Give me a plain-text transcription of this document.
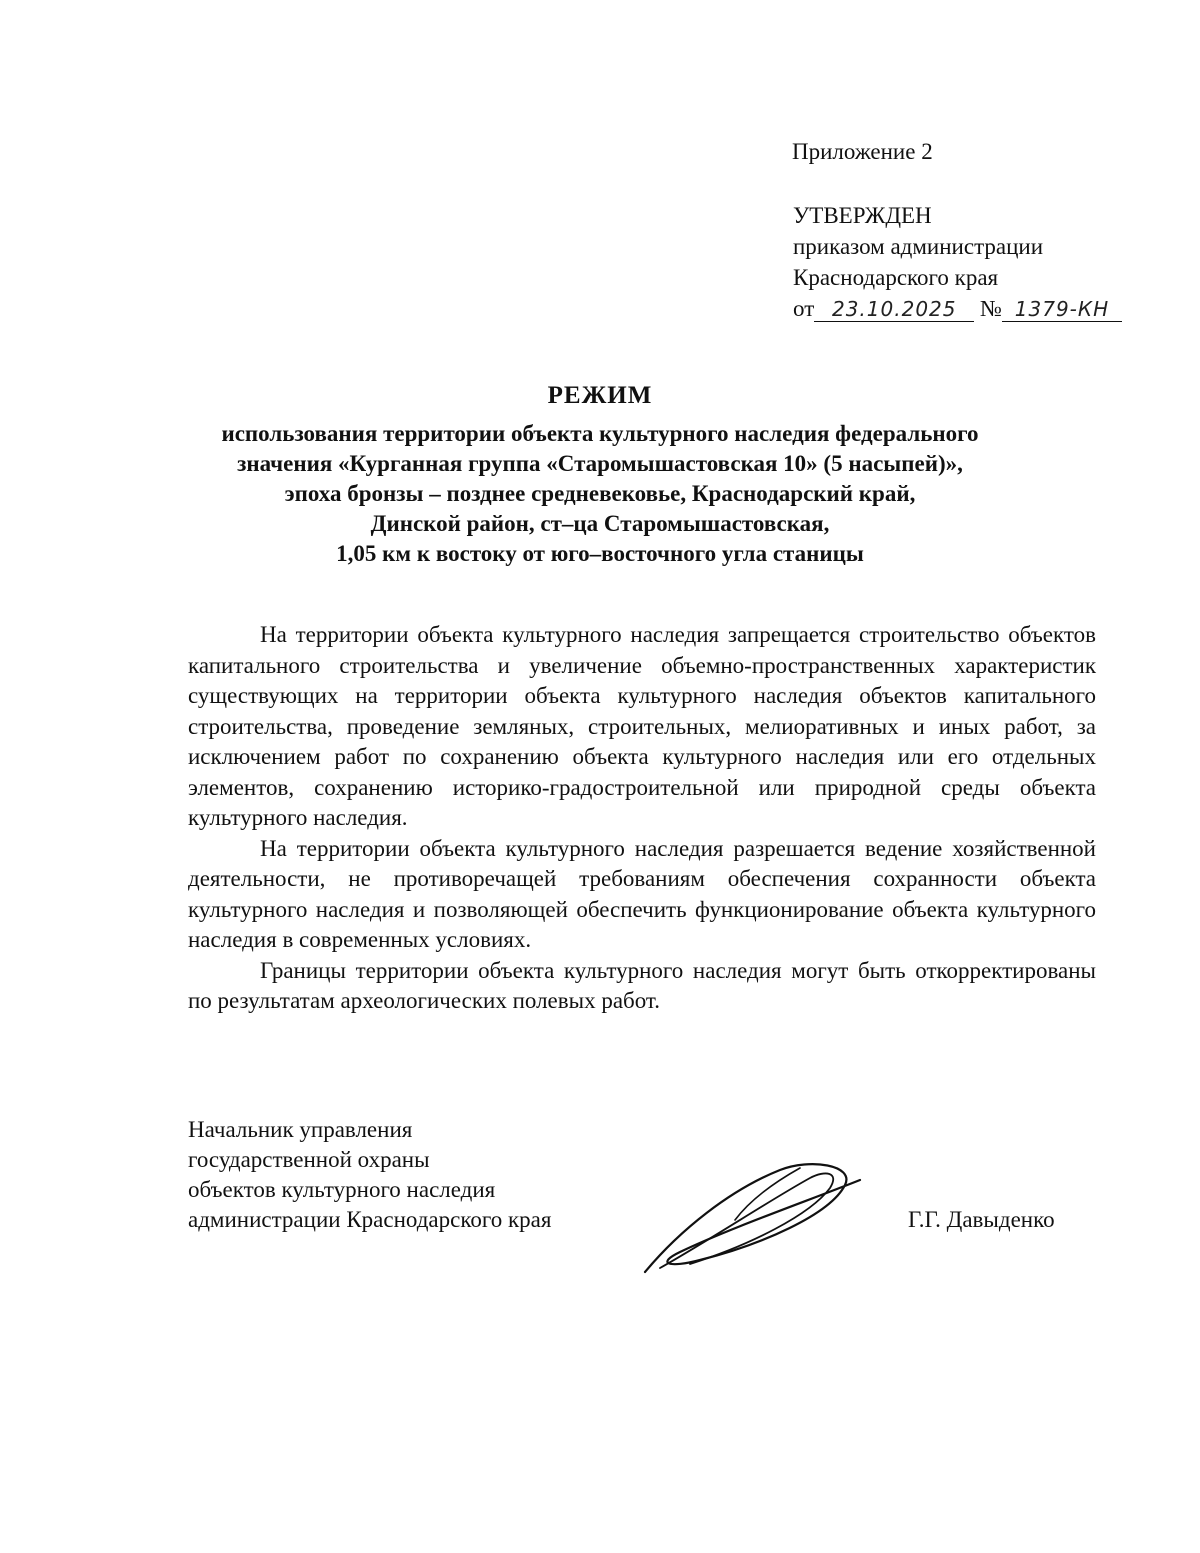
Приложение 2
УТВЕРЖДЕН
приказом администрации
Краснодарского края
от 23.10.2025 № 1379-КН
РЕЖИМ
использования территории объекта культурного наследия федерального
значения «Курганная группа «Старомышастовская 10» (5 насыпей)»,
эпоха бронзы – позднее средневековье, Краснодарский край,
Динской район, ст–ца Старомышастовская,
1,05 км к востоку от юго–восточного угла станицы

На территории объекта культурного наследия запрещается строительство объектов капитального строительства и увеличение объемно-пространственных характеристик существующих на территории объекта культурного наследия объектов капитального строительства, проведение земляных, строительных, мелиоративных и иных работ, за исключением работ по сохранению объекта культурного наследия или его отдельных элементов, сохранению историко-градостроительной или природной среды объекта культурного наследия.

На территории объекта культурного наследия разрешается ведение хозяйственной деятельности, не противоречащей требованиям обеспечения сохранности объекта культурного наследия и позволяющей обеспечить функционирование объекта культурного наследия в современных условиях.

Границы территории объекта культурного наследия могут быть откорректированы по результатам археологических полевых работ.

Начальник управления
государственной охраны
объектов культурного наследия
администрации Краснодарского края	Г.Г. Давыденко
